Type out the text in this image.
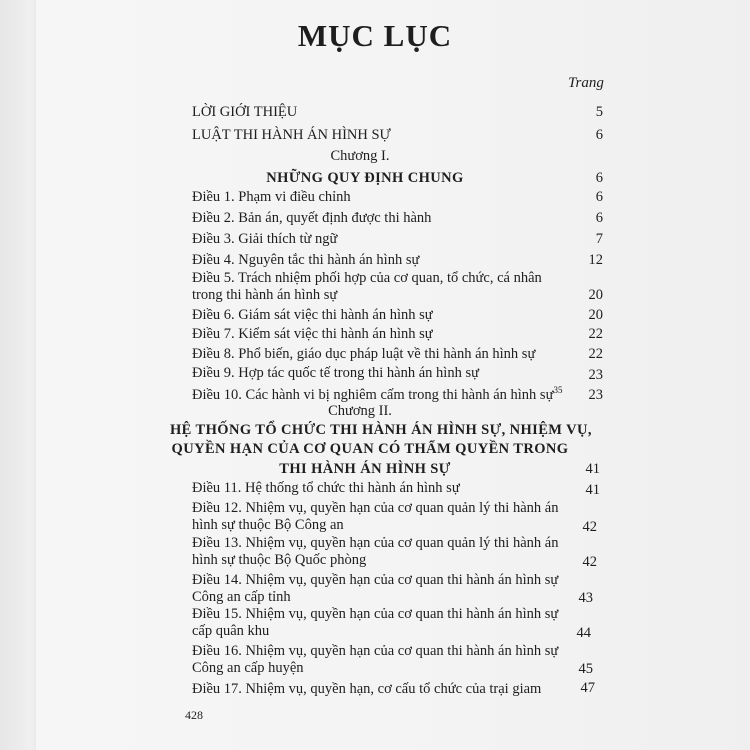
MỤC LỤC
Trang
LỜI GIỚI THIỆU	5
LUẬT THI HÀNH ÁN HÌNH SỰ	6
Chương I.
NHỮNG QUY ĐỊNH CHUNG	6
Điều 1. Phạm vi điều chỉnh	6
Điều 2. Bản án, quyết định được thi hành	6
Điều 3. Giải thích từ ngữ	7
Điều 4. Nguyên tắc thi hành án hình sự	12
Điều 5. Trách nhiệm phối hợp của cơ quan, tổ chức, cá nhân
trong thi hành án hình sự	20
Điều 6. Giám sát việc thi hành án hình sự	20
Điều 7. Kiểm sát việc thi hành án hình sự	22
Điều 8. Phổ biến, giáo dục pháp luật về thi hành án hình sự	22
Điều 9. Hợp tác quốc tế trong thi hành án hình sự	23
Điều 10. Các hành vi bị nghiêm cấm trong thi hành án hình sự$^{35}$	23
Chương II.
HỆ THỐNG TỔ CHỨC THI HÀNH ÁN HÌNH SỰ, NHIỆM VỤ,
QUYỀN HẠN CỦA CƠ QUAN CÓ THẨM QUYỀN TRONG
THI HÀNH ÁN HÌNH SỰ	41
Điều 11. Hệ thống tổ chức thi hành án hình sự	41
Điều 12. Nhiệm vụ, quyền hạn của cơ quan quản lý thi hành án
hình sự thuộc Bộ Công an	42
Điều 13. Nhiệm vụ, quyền hạn của cơ quan quản lý thi hành án
hình sự thuộc Bộ Quốc phòng	42
Điều 14. Nhiệm vụ, quyền hạn của cơ quan thi hành án hình sự
Công an cấp tỉnh	43
Điều 15. Nhiệm vụ, quyền hạn của cơ quan thi hành án hình sự
cấp quân khu	44
Điều 16. Nhiệm vụ, quyền hạn của cơ quan thi hành án hình sự
Công an cấp huyện	45
Điều 17. Nhiệm vụ, quyền hạn, cơ cấu tổ chức của trại giam	47
428
